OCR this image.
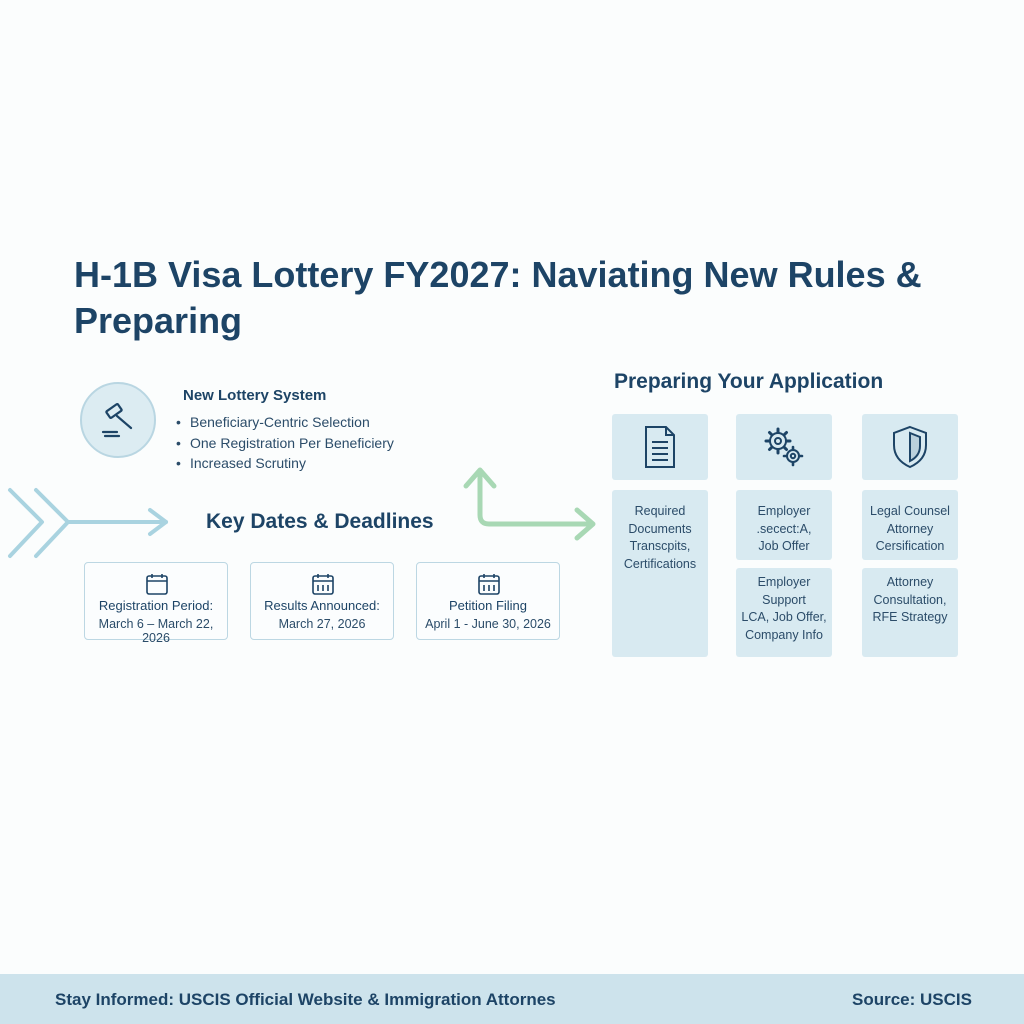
H-1B Visa Lottery FY2027: Naviating New Rules & Preparing
New Lottery System
• Beneficiary-Centric Selection
• One Registration Per Beneficiery
• Increased Scrutiny
Key Dates & Deadlines
Registration Period:
March 6 – March 22, 2026
Results Announced:
March 27, 2026
Petition Filing
April 1 - June 30, 2026
Preparing Your Application
Required
Documents
Transcpits,
Certifications
Employer
.secect:A,
Job Offer
Employer Support
LCA, Job Offer,
Company Info
Legal Counsel
Attorney
Cersification
Attorney
Consultation,
RFE Strategy
Stay Informed: USCIS Official Website & Immigration Attornes	Source: USCIS
